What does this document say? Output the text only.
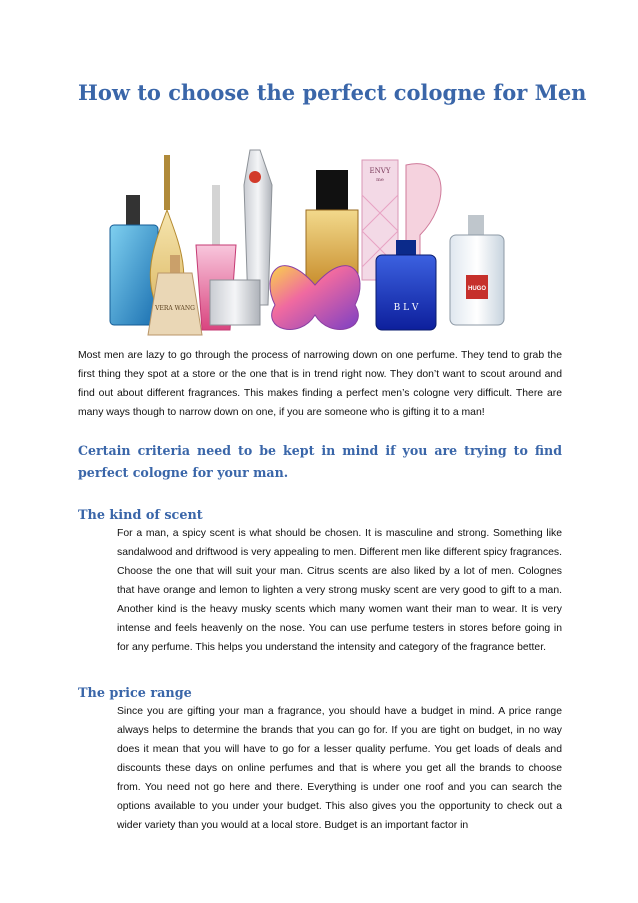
How to choose the perfect cologne for Men
VERA WANG
ENVY
me
B L V
HUGO

Most men are lazy to go through the process of narrowing down on one perfume. They tend to grab the first thing they spot at a store or the one that is in trend right now. They don’t want to scout around and find out about different fragrances. This makes finding a perfect men’s cologne very difficult. There are many ways though to narrow down on one, if you are someone who is gifting it to a man!

Certain criteria need to be kept in mind if you are trying to find perfect cologne for your man.

The kind of scent

For a man, a spicy scent is what should be chosen. It is masculine and strong. Something like sandalwood and driftwood is very appealing to men. Different men like different spicy fragrances. Choose the one that will suit your man. Citrus scents are also liked by a lot of men. Colognes that have orange and lemon to lighten a very strong musky scent are very good to gift to a man. Another kind is the heavy musky scents which many women want their man to wear. It is very intense and feels heavenly on the nose. You can use perfume testers in stores before going in for any perfume. This helps you understand the intensity and category of the fragrance better.

The price range

Since you are gifting your man a fragrance, you should have a budget in mind. A price range always helps to determine the brands that you can go for. If you are tight on budget, in no way does it mean that you will have to go for a lesser quality perfume. You get loads of deals and discounts these days on online perfumes and that is where you get all the brands to choose from. You need not go here and there. Everything is under one roof and you can search the options available to you under your budget. This also gives you the opportunity to check out a wider variety than you would at a local store. Budget is an important factor in
